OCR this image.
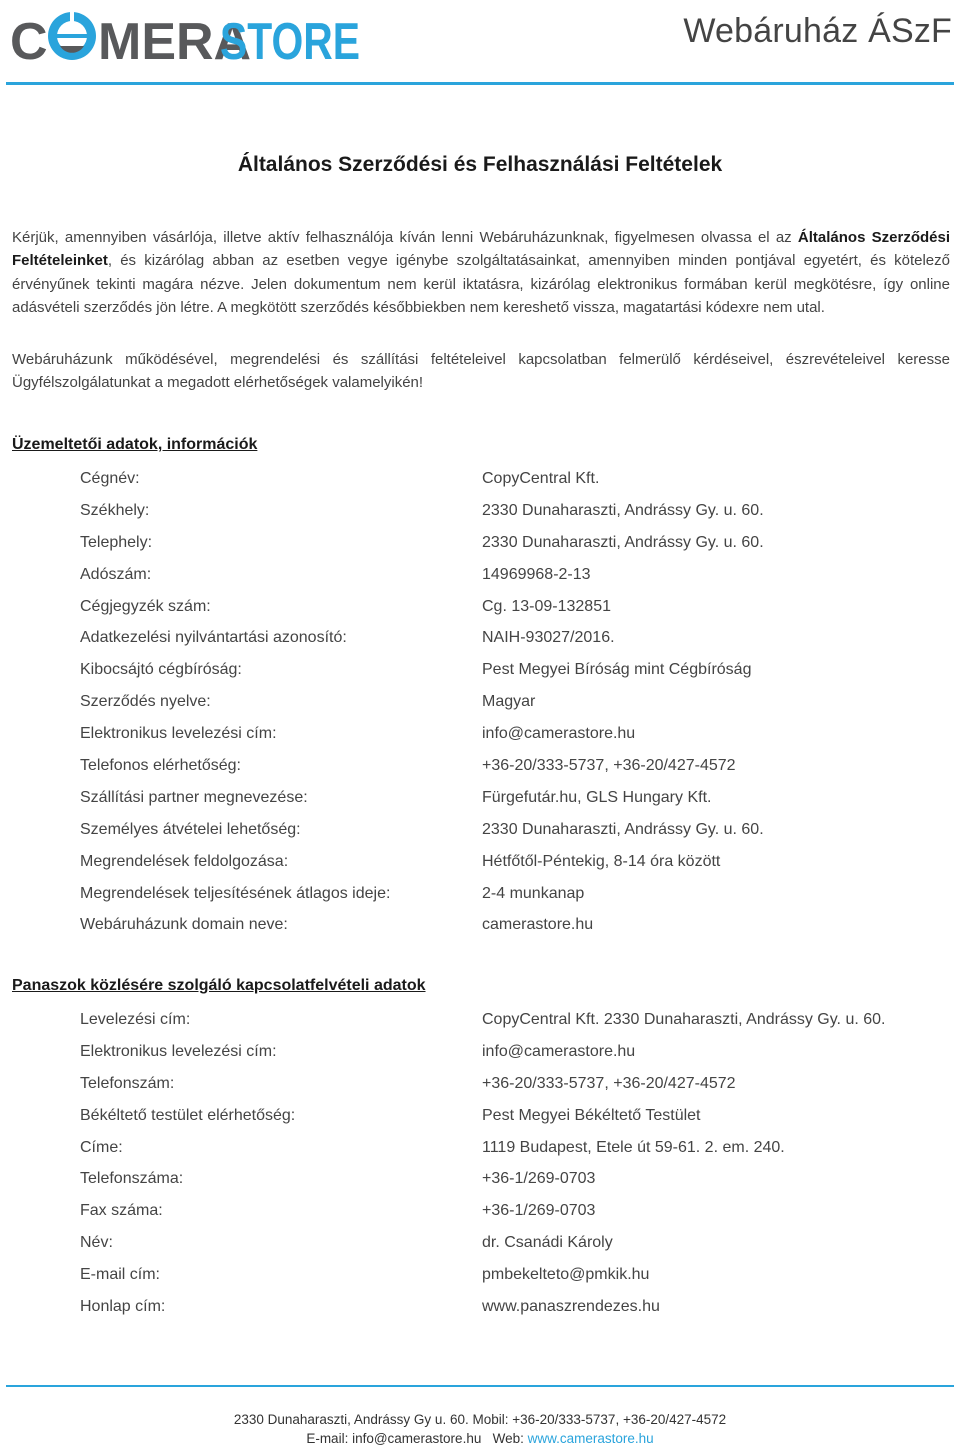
C MERA
STORE	Webáruház ÁSzF
Általános Szerződési és Felhasználási Feltételek

Kérjük, amennyiben vásárlója, illetve aktív felhasználója kíván lenni Webáruházunknak, figyelmesen olvassa el az Általános Szerződési Feltételeinket, és kizárólag abban az esetben vegye igénybe szolgáltatásainkat, amennyiben minden pontjával egyetért, és kötelező érvényűnek tekinti magára nézve. Jelen dokumentum nem kerül iktatásra, kizárólag elektronikus formában kerül megkötésre, így online adásvételi szerződés jön létre. A megkötött szerződés későbbiekben nem kereshető vissza, magatartási kódexre nem utal.

Webáruházunk működésével, megrendelési és szállítási feltételeivel kapcsolatban felmerülő kérdéseivel, észrevételeivel keresse Ügyfélszolgálatunkat a megadott elérhetőségek valamelyikén!

Üzemeltetői adatok, információk
Cégnév:	CopyCentral Kft.
Székhely:	2330 Dunaharaszti, Andrássy Gy. u. 60.
Telephely:	2330 Dunaharaszti, Andrássy Gy. u. 60.
Adószám:	14969968-2-13
Cégjegyzék szám:	Cg. 13-09-132851
Adatkezelési nyilvántartási azonosító:	NAIH-93027/2016.
Kibocsájtó cégbíróság:	Pest Megyei Bíróság mint Cégbíróság
Szerződés nyelve:	Magyar
Elektronikus levelezési cím:	info@camerastore.hu
Telefonos elérhetőség:	+36-20/333-5737, +36-20/427-4572
Szállítási partner megnevezése:	Fürgefutár.hu, GLS Hungary Kft.
Személyes átvételei lehetőség:	2330 Dunaharaszti, Andrássy Gy. u. 60.
Megrendelések feldolgozása:	Hétfőtől-Péntekig, 8-14 óra között
Megrendelések teljesítésének átlagos ideje:	2-4 munkanap
Webáruházunk domain neve:	camerastore.hu
Panaszok közlésére szolgáló kapcsolatfelvételi adatok
Levelezési cím:	CopyCentral Kft. 2330 Dunaharaszti, Andrássy Gy. u. 60.
Elektronikus levelezési cím:	info@camerastore.hu
Telefonszám:	+36-20/333-5737, +36-20/427-4572
Békéltető testület elérhetőség:	Pest Megyei Békéltető Testület
Címe:	1119 Budapest, Etele út 59-61. 2. em. 240.
Telefonszáma:	+36-1/269-0703
Fax száma:	+36-1/269-0703
Név:	dr. Csanádi Károly
E-mail cím:	pmbekelteto@pmkik.hu
Honlap cím:	www.panaszrendezes.hu
2330 Dunaharaszti, Andrássy Gy u. 60. Mobil: +36-20/333-5737, +36-20/427-4572
E-mail: info@camerastore.hu   Web: www.camerastore.hu
